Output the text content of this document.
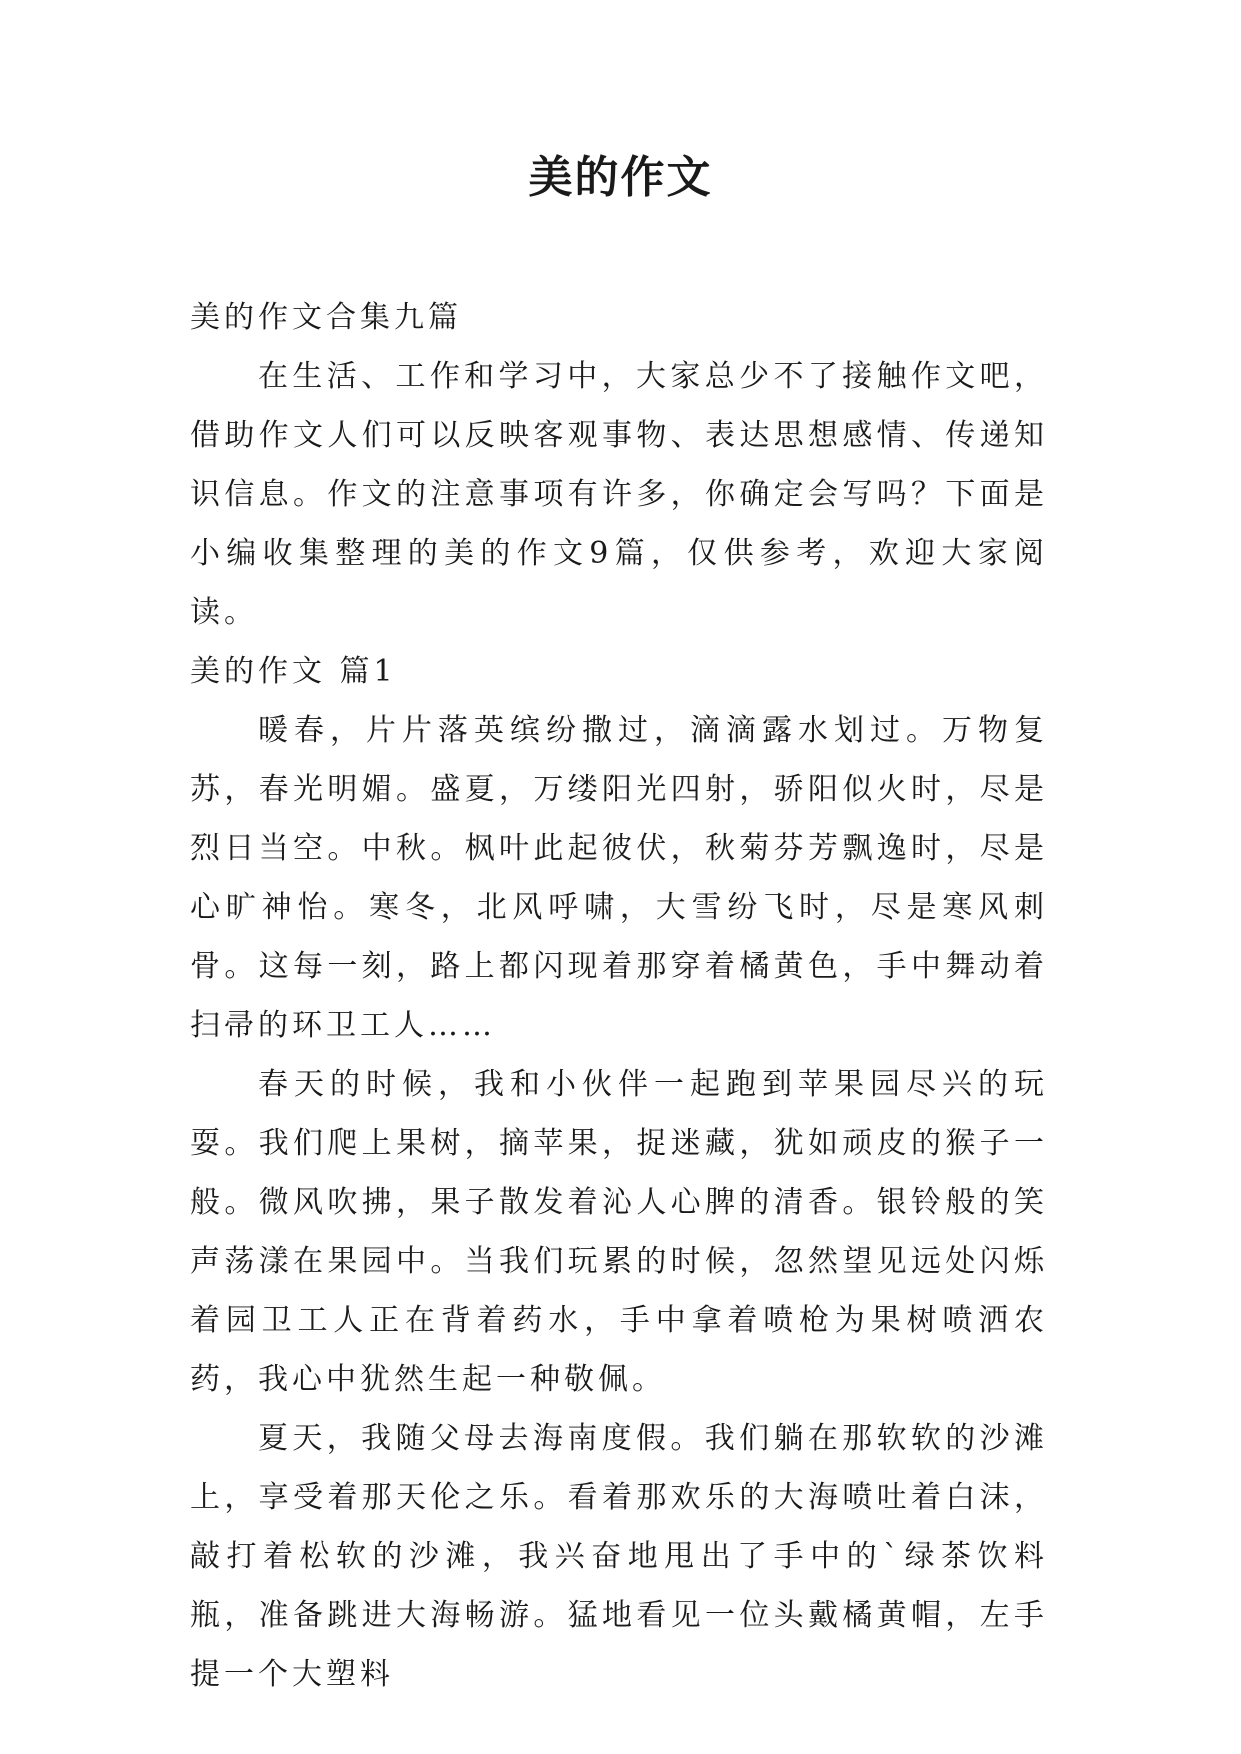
美的作文

美的作文合集九篇

在生活、工作和学习中，大家总少不了接触作文吧，借助作文人们可以反映客观事物、表达思想感情、传递知识信息。作文的注意事项有许多，你确定会写吗？下面是小编收集整理的美的作文9篇，仅供参考，欢迎大家阅读。

美的作文 篇1

暖春，片片落英缤纷撒过，滴滴露水划过。万物复苏，春光明媚。盛夏，万缕阳光四射，骄阳似火时，尽是烈日当空。中秋。枫叶此起彼伏，秋菊芬芳飘逸时，尽是心旷神怡。寒冬，北风呼啸，大雪纷飞时，尽是寒风刺骨。这每一刻，路上都闪现着那穿着橘黄色，手中舞动着扫帚的环卫工人……

春天的时候，我和小伙伴一起跑到苹果园尽兴的玩耍。我们爬上果树，摘苹果，捉迷藏，犹如顽皮的猴子一般。微风吹拂，果子散发着沁人心脾的清香。银铃般的笑声荡漾在果园中。当我们玩累的时候，忽然望见远处闪烁着园卫工人正在背着药水，手中拿着喷枪为果树喷洒农药，我心中犹然生起一种敬佩。

夏天，我随父母去海南度假。我们躺在那软软的沙滩上，享受着那天伦之乐。看着那欢乐的大海喷吐着白沫，敲打着松软的沙滩，我兴奋地甩出了手中的`绿茶饮料瓶，准备跳进大海畅游。猛地看见一位头戴橘黄帽，左手提一个大塑料
